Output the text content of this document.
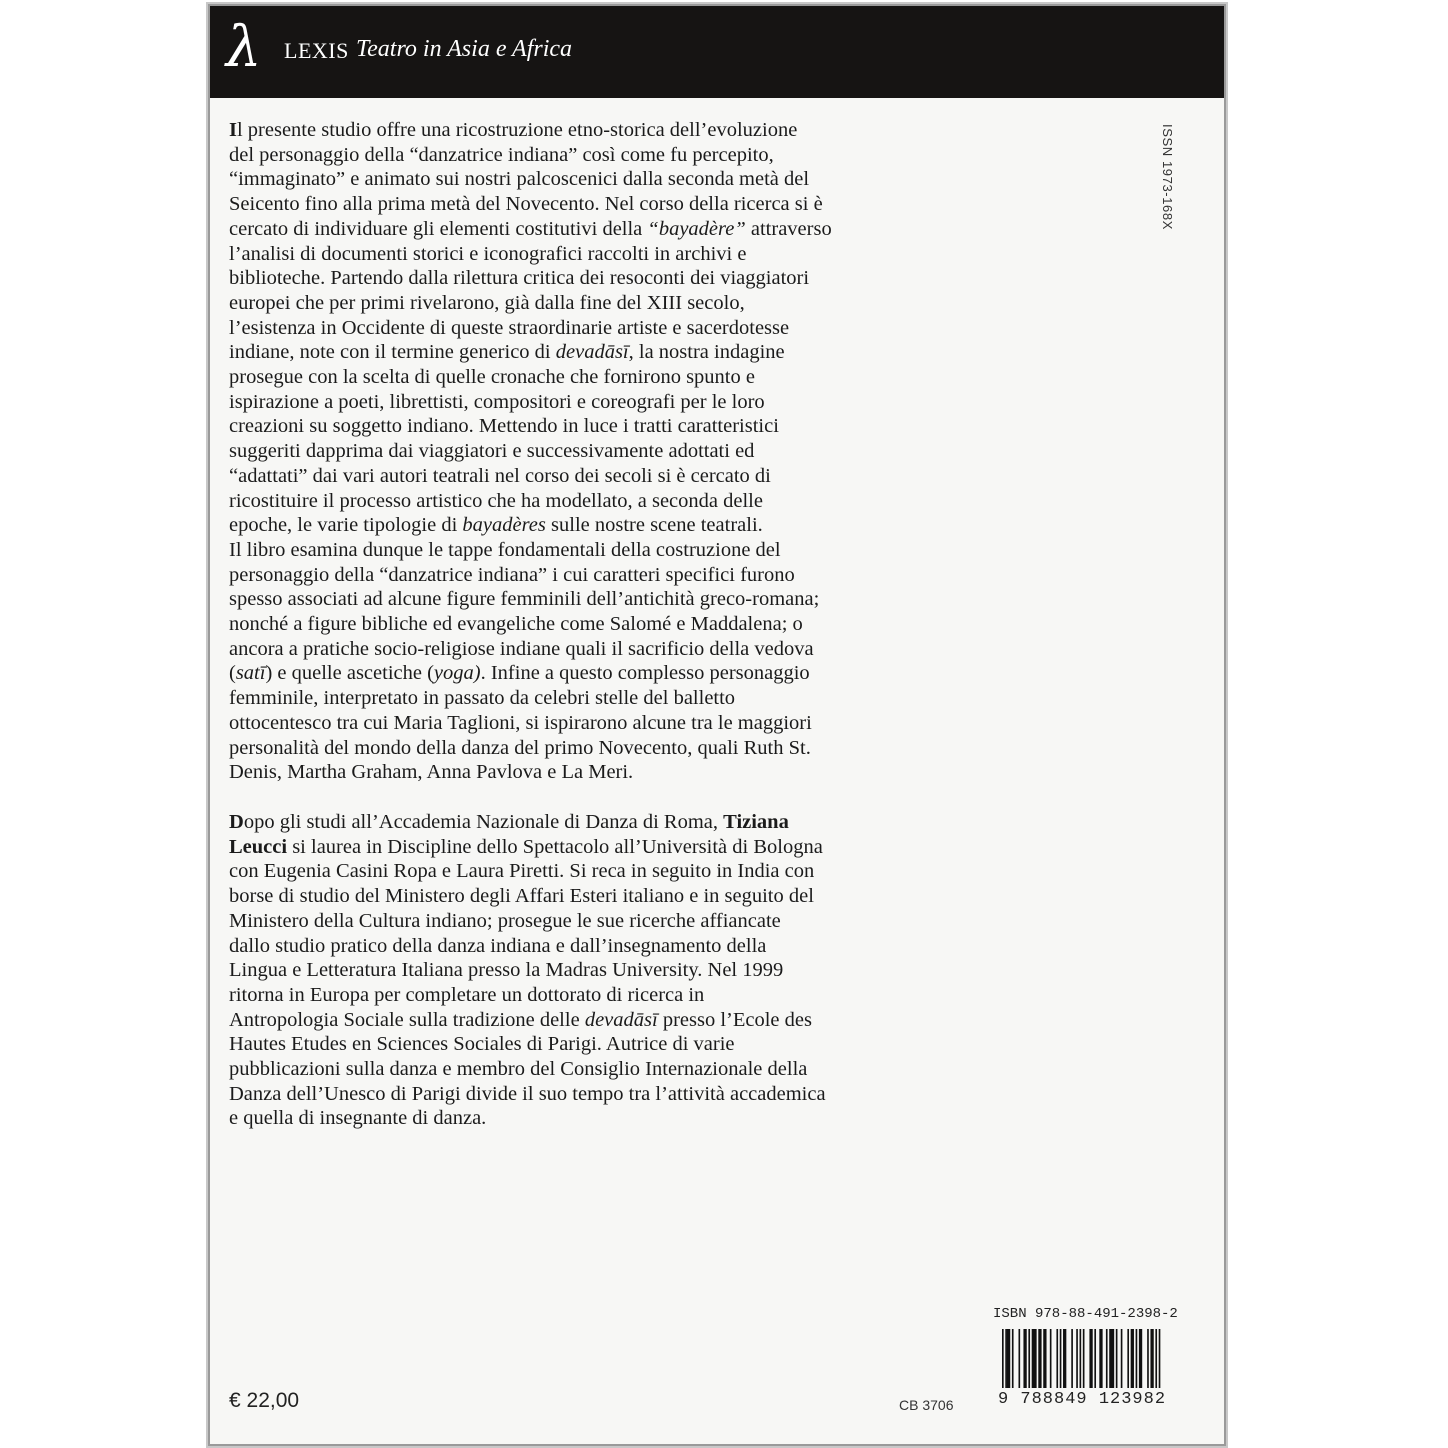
λ LEXIS Teatro in Asia e Africa
ISSN 1973-168X
Il presente studio offre una ricostruzione etno-storica dell’evoluzione
del personaggio della “danzatrice indiana” così come fu percepito,
“immaginato” e animato sui nostri palcoscenici dalla seconda metà del
Seicento fino alla prima metà del Novecento. Nel corso della ricerca si è
cercato di individuare gli elementi costitutivi della “bayadère” attraverso
l’analisi di documenti storici e iconografici raccolti in archivi e
biblioteche. Partendo dalla rilettura critica dei resoconti dei viaggiatori
europei che per primi rivelarono, già dalla fine del XIII secolo,
l’esistenza in Occidente di queste straordinarie artiste e sacerdotesse
indiane, note con il termine generico di devadāsī, la nostra indagine
prosegue con la scelta di quelle cronache che fornirono spunto e
ispirazione a poeti, librettisti, compositori e coreografi per le loro
creazioni su soggetto indiano. Mettendo in luce i tratti caratteristici
suggeriti dapprima dai viaggiatori e successivamente adottati ed
“adattati” dai vari autori teatrali nel corso dei secoli si è cercato di
ricostituire il processo artistico che ha modellato, a seconda delle
epoche, le varie tipologie di bayadères sulle nostre scene teatrali.
Il libro esamina dunque le tappe fondamentali della costruzione del
personaggio della “danzatrice indiana” i cui caratteri specifici furono
spesso associati ad alcune figure femminili dell’antichità greco-romana;
nonché a figure bibliche ed evangeliche come Salomé e Maddalena; o
ancora a pratiche socio-religiose indiane quali il sacrificio della vedova
(satī) e quelle ascetiche (yoga). Infine a questo complesso personaggio
femminile, interpretato in passato da celebri stelle del balletto
ottocentesco tra cui Maria Taglioni, si ispirarono alcune tra le maggiori
personalità del mondo della danza del primo Novecento, quali Ruth St.
Denis, Martha Graham, Anna Pavlova e La Meri.
Dopo gli studi all’Accademia Nazionale di Danza di Roma, Tiziana
Leucci si laurea in Discipline dello Spettacolo all’Università di Bologna
con Eugenia Casini Ropa e Laura Piretti. Si reca in seguito in India con
borse di studio del Ministero degli Affari Esteri italiano e in seguito del
Ministero della Cultura indiano; prosegue le sue ricerche affiancate
dallo studio pratico della danza indiana e dall’insegnamento della
Lingua e Letteratura Italiana presso la Madras University. Nel 1999
ritorna in Europa per completare un dottorato di ricerca in
Antropologia Sociale sulla tradizione delle devadāsī presso l’Ecole des
Hautes Etudes en Sciences Sociales di Parigi. Autrice di varie
pubblicazioni sulla danza e membro del Consiglio Internazionale della
Danza dell’Unesco di Parigi divide il suo tempo tra l’attività accademica
e quella di insegnante di danza.
ISBN 978-88-491-2398-2
9 788849 123982
€ 22,00	CB 3706
